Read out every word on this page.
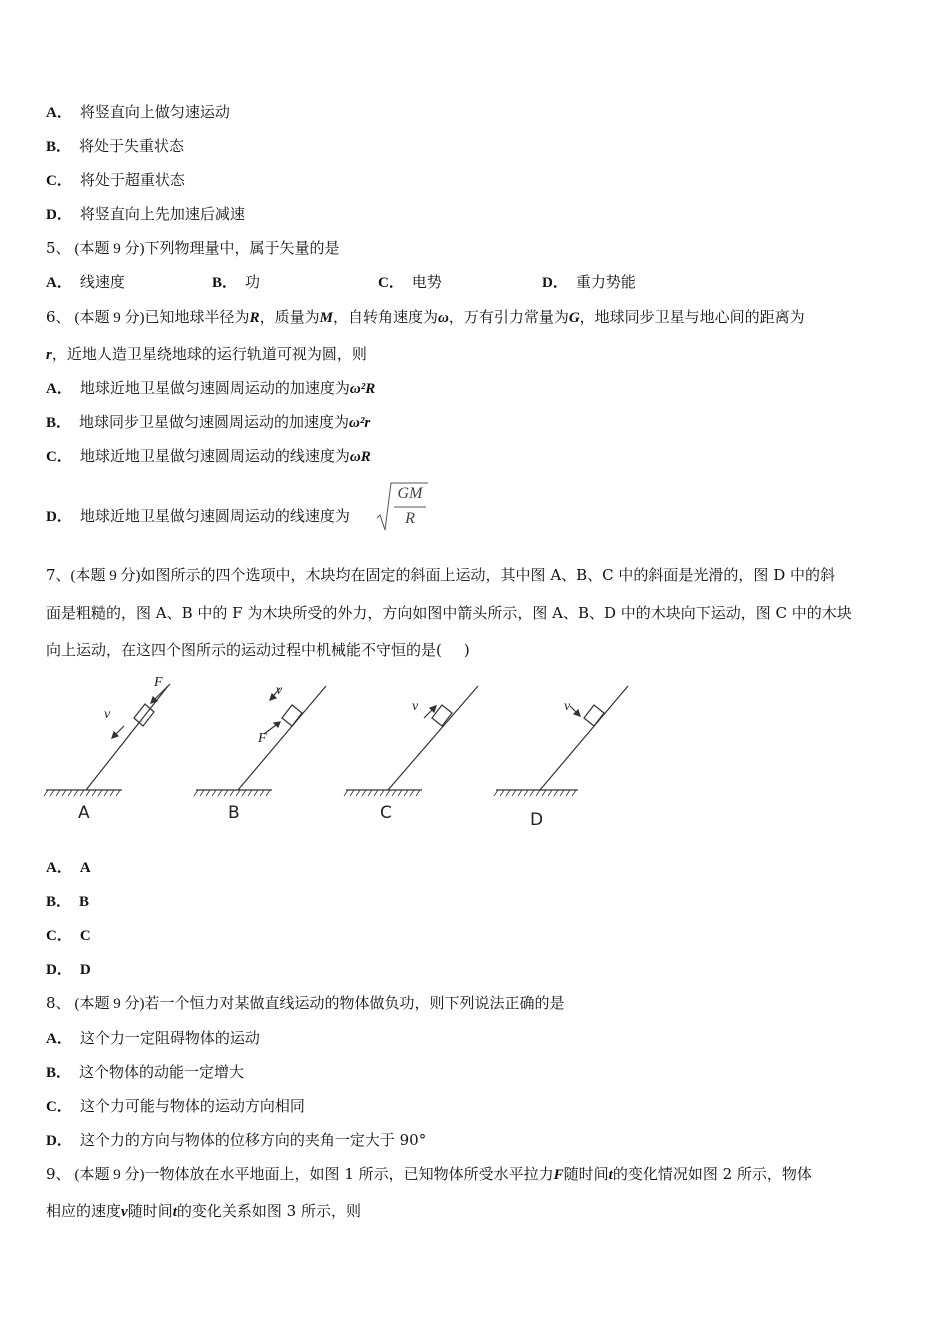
A． 将竖直向上做匀速运动
B． 将处于失重状态
C． 将处于超重状态
D． 将竖直向上先加速后减速
5、 (本题 9 分)下列物理量中，属于矢量的是
A． 线速度	B． 功	C． 电势	D． 重力势能
6、 (本题 9 分)已知地球半径为R，质量为M，自转角速度为ω，万有引力常量为G，地球同步卫星与地心间的距离为
r，近地人造卫星绕地球的运行轨道可视为圆，则
A． 地球近地卫星做匀速圆周运动的加速度为ω²R
B． 地球同步卫星做匀速圆周运动的加速度为ω²r
C． 地球近地卫星做匀速圆周运动的线速度为ωR
D． 地球近地卫星做匀速圆周运动的线速度为
GM
R
7、(本题 9 分)如图所示的四个选项中，木块均在固定的斜面上运动，其中图 A、B、C 中的斜面是光滑的，图 D 中的斜
面是粗糙的，图 A、B 中的 F 为木块所受的外力，方向如图中箭头所示，图 A、B、D 中的木块向下运动，图 C 中的木块
向上运动，在这四个图所示的运动过程中机械能不守恒的是( )
F
v
v
F
v	v
A	B	C	D
A． A
B． B
C． C
D． D
8、 (本题 9 分)若一个恒力对某做直线运动的物体做负功，则下列说法正确的是
A． 这个力一定阻碍物体的运动
B． 这个物体的动能一定增大
C． 这个力可能与物体的运动方向相同
D． 这个力的方向与物体的位移方向的夹角一定大于 90°
9、 (本题 9 分)一物体放在水平地面上，如图 1 所示，已知物体所受水平拉力F随时间t的变化情况如图 2 所示，物体
相应的速度v随时间t的变化关系如图 3 所示，则
